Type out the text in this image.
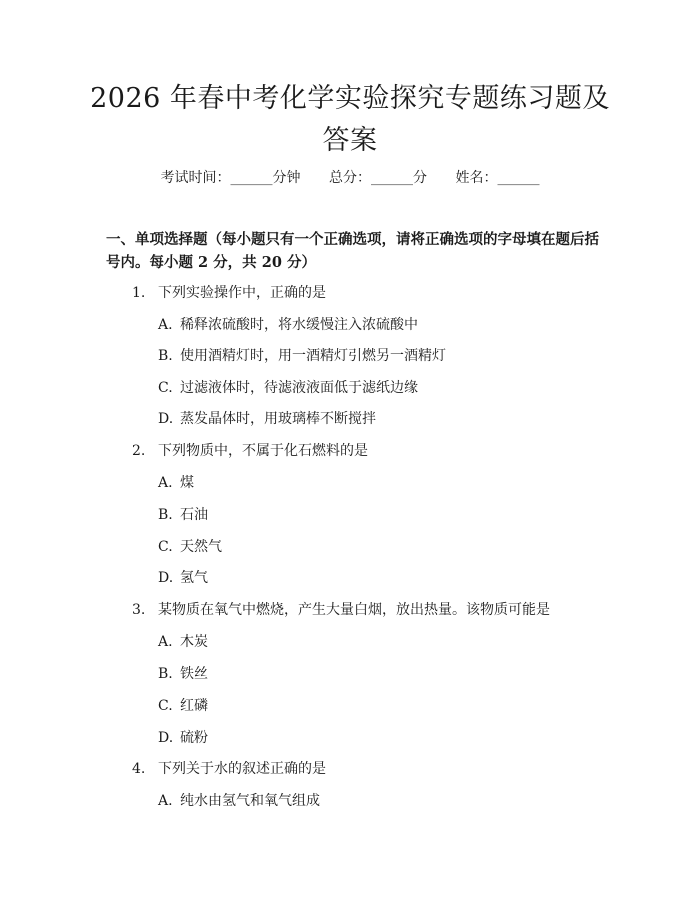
2026 年春中考化学实验探究专题练习题及答案
考试时间：______分钟 总分：______分 姓名：______

一、单项选择题（每小题只有一个正确选项，请将正确选项的字母填在题后括号内。每小题 2 分，共 20 分）

1. 下列实验操作中，正确的是
A. 稀释浓硫酸时，将水缓慢注入浓硫酸中
B. 使用酒精灯时，用一酒精灯引燃另一酒精灯
C. 过滤液体时，待滤液液面低于滤纸边缘
D. 蒸发晶体时，用玻璃棒不断搅拌
2. 下列物质中，不属于化石燃料的是
A. 煤
B. 石油
C. 天然气
D. 氢气
3. 某物质在氧气中燃烧，产生大量白烟，放出热量。该物质可能是
A. 木炭
B. 铁丝
C. 红磷
D. 硫粉
4. 下列关于水的叙述正确的是
A. 纯水由氢气和氧气组成
